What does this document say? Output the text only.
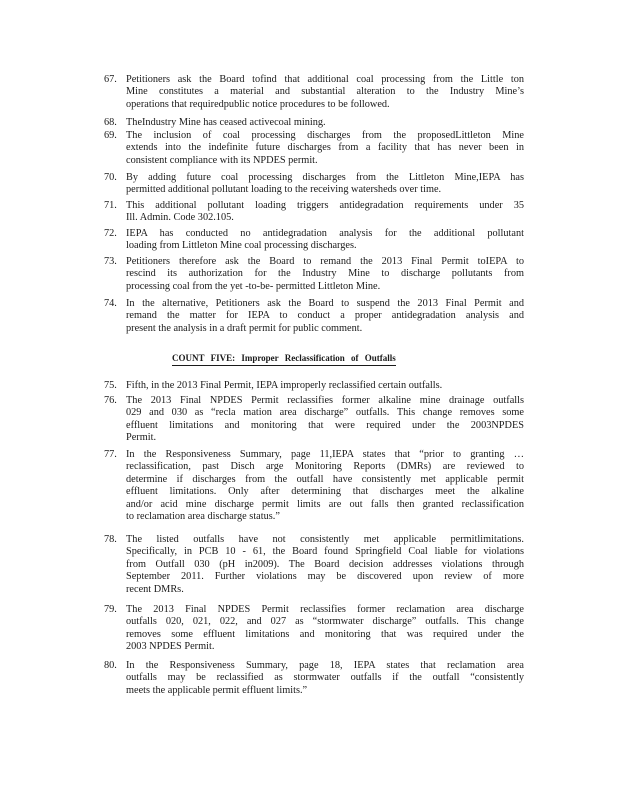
67. Petitioners ask the Board tofind that additional coal processing from the Little ton
Mine constitutes a material and substantial alteration to the Industry Mine’s
operations that requiredpublic notice procedures to be followed.
68. TheIndustry Mine has ceased activecoal mining.
69. The inclusion of coal processing discharges from the proposedLittleton Mine
extends into the indefinite future discharges from a facility that has never been in
consistent compliance with its NPDES permit.
70. By adding future coal processing discharges from the Littleton Mine,IEPA has
permitted additional pollutant loading to the receiving watersheds over time.
71. This additional pollutant loading triggers antidegradation requirements under 35
Ill. Admin. Code 302.105.
72. IEPA has conducted no antidegradation analysis for the additional pollutant
loading from Littleton Mine coal processing discharges.
73. Petitioners therefore ask the Board to remand the 2013 Final Permit toIEPA to
rescind its authorization for the Industry Mine to discharge pollutants from
processing coal from the yet -to-be- permitted Littleton Mine.
74. In the alternative, Petitioners ask the Board to suspend the 2013 Final Permit and
remand the matter for IEPA to conduct a proper antidegradation analysis and
present the analysis in a draft permit for public comment.
COUNT FIVE: Improper Reclassification of Outfalls
75. Fifth, in the 2013 Final Permit, IEPA improperly reclassified certain outfalls.
76. The 2013 Final NPDES Permit reclassifies former alkaline mine drainage outfalls
029 and 030 as “recla mation area discharge” outfalls. This change removes some
effluent limitations and monitoring that were required under the 2003NPDES
Permit.
77. In the Responsiveness Summary, page 11,IEPA states that “prior to granting …
reclassification, past Disch arge Monitoring Reports (DMRs) are reviewed to
determine if discharges from the outfall have consistently met applicable permit
effluent limitations. Only after determining that discharges meet the alkaline
and/or acid mine discharge permit limits are out falls then granted reclassification
to reclamation area discharge status.”
78. The listed outfalls have not consistently met applicable permitlimitations.
Specifically, in PCB 10 - 61, the Board found Springfield Coal liable for violations
from Outfall 030 (pH in2009). The Board decision addresses violations through
September 2011. Further violations may be discovered upon review of more
recent DMRs.
79. The 2013 Final NPDES Permit reclassifies former reclamation area discharge
outfalls 020, 021, 022, and 027 as “stormwater discharge” outfalls. This change
removes some effluent limitations and monitoring that was required under the
2003 NPDES Permit.
80. In the Responsiveness Summary, page 18, IEPA states that reclamation area
outfalls may be reclassified as stormwater outfalls if the outfall “consistently
meets the applicable permit effluent limits.”
